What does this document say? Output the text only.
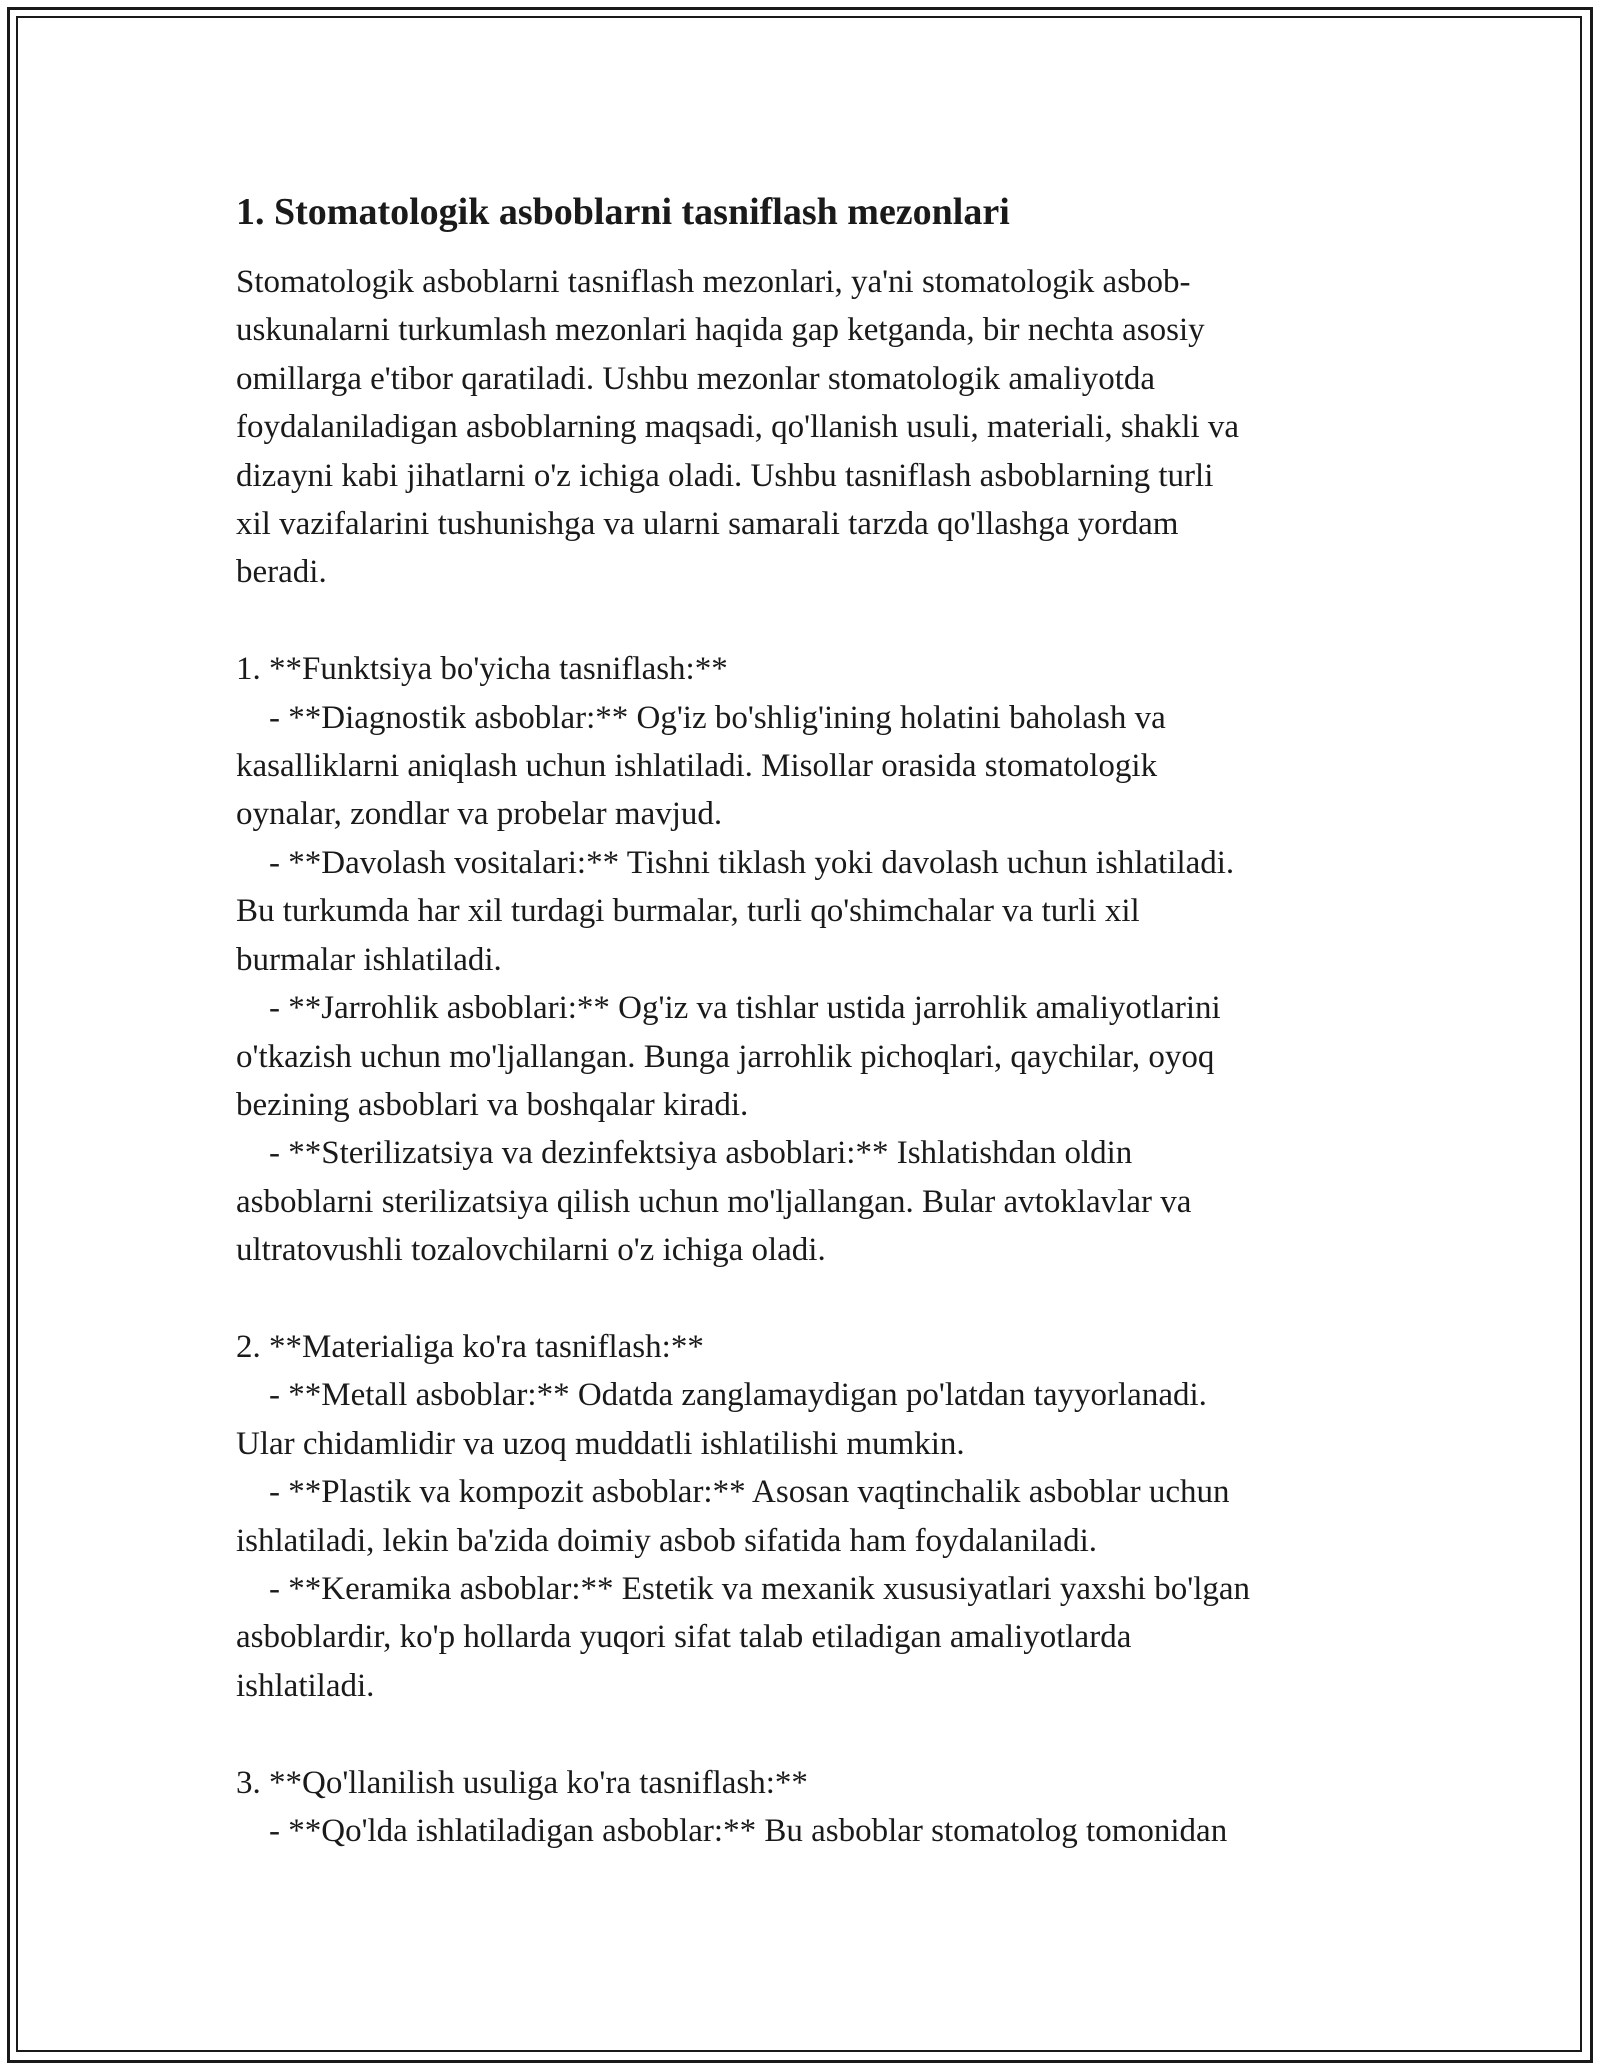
1. Stomatologik asboblarni tasniflash mezonlari

Stomatologik asboblarni tasniflash mezonlari, ya'ni stomatologik asbob-
uskunalarni turkumlash mezonlari haqida gap ketganda, bir nechta asosiy
omillarga e'tibor qaratiladi. Ushbu mezonlar stomatologik amaliyotda
foydalaniladigan asboblarning maqsadi, qo'llanish usuli, materiali, shakli va
dizayni kabi jihatlarni o'z ichiga oladi. Ushbu tasniflash asboblarning turli
xil vazifalarini tushunishga va ularni samarali tarzda qo'llashga yordam
beradi.

1. **Funktsiya bo'yicha tasniflash:**
- **Diagnostik asboblar:** Og'iz bo'shlig'ining holatini baholash va
kasalliklarni aniqlash uchun ishlatiladi. Misollar orasida stomatologik
oynalar, zondlar va probelar mavjud.
- **Davolash vositalari:** Tishni tiklash yoki davolash uchun ishlatiladi.
Bu turkumda har xil turdagi burmalar, turli qo'shimchalar va turli xil
burmalar ishlatiladi.
- **Jarrohlik asboblari:** Og'iz va tishlar ustida jarrohlik amaliyotlarini
o'tkazish uchun mo'ljallangan. Bunga jarrohlik pichoqlari, qaychilar, oyoq
bezining asboblari va boshqalar kiradi.
- **Sterilizatsiya va dezinfektsiya asboblari:** Ishlatishdan oldin
asboblarni sterilizatsiya qilish uchun mo'ljallangan. Bular avtoklavlar va
ultratovushli tozalovchilarni o'z ichiga oladi.

2. **Materialiga ko'ra tasniflash:**
- **Metall asboblar:** Odatda zanglamaydigan po'latdan tayyorlanadi.
Ular chidamlidir va uzoq muddatli ishlatilishi mumkin.
- **Plastik va kompozit asboblar:** Asosan vaqtinchalik asboblar uchun
ishlatiladi, lekin ba'zida doimiy asbob sifatida ham foydalaniladi.
- **Keramika asboblar:** Estetik va mexanik xususiyatlari yaxshi bo'lgan
asboblardir, ko'p hollarda yuqori sifat talab etiladigan amaliyotlarda
ishlatiladi.

3. **Qo'llanilish usuliga ko'ra tasniflash:**
- **Qo'lda ishlatiladigan asboblar:** Bu asboblar stomatolog tomonidan
